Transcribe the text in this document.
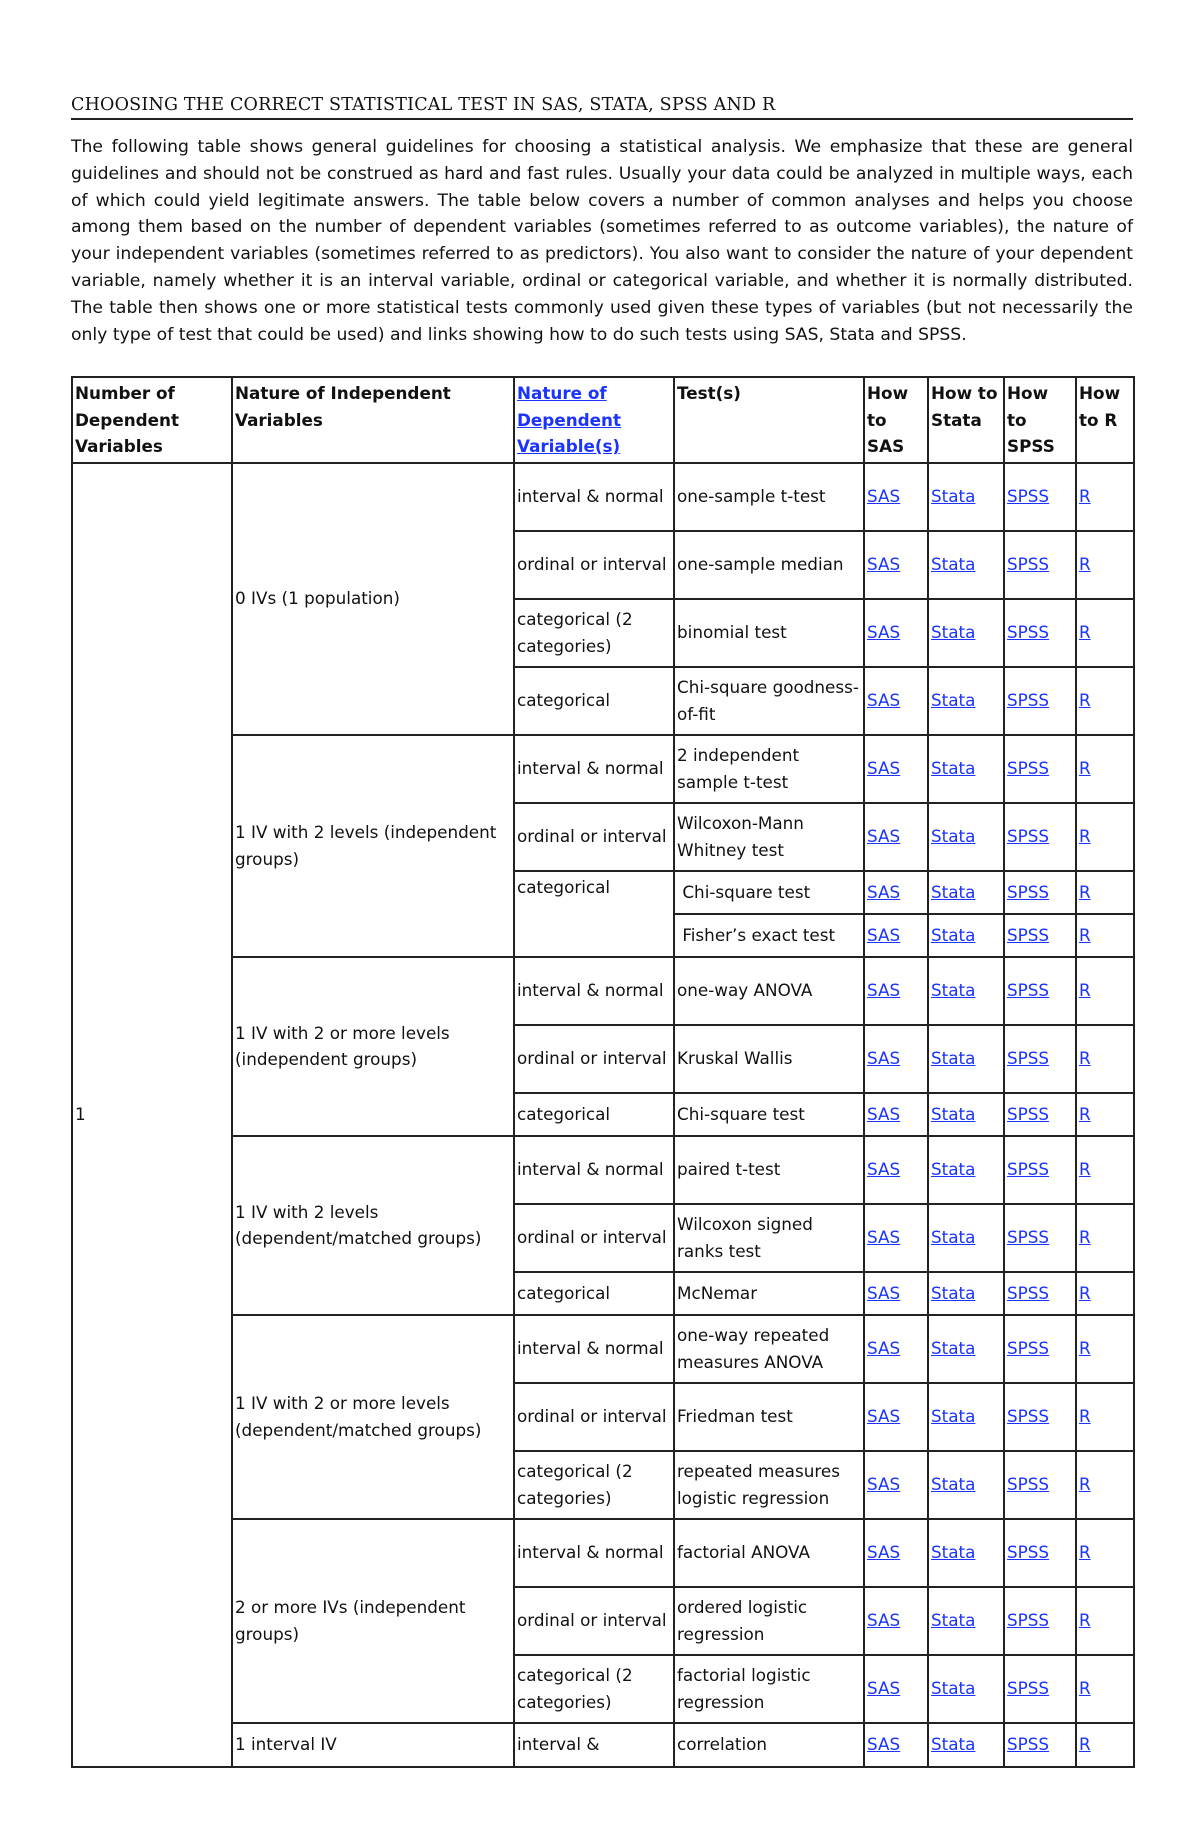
CHOOSING THE CORRECT STATISTICAL TEST IN SAS, STATA, SPSS AND R
The following table shows general guidelines for choosing a statistical analysis. We emphasize that these are general guidelines and should not be construed as hard and fast rules. Usually your data could be analyzed in multiple ways, each of which could yield legitimate answers. The table below covers a number of common analyses and helps you choose among them based on the number of dependent variables (sometimes referred to as outcome variables), the nature of your independent variables (sometimes referred to as predictors). You also want to consider the nature of your dependent variable, namely whether it is an interval variable, ordinal or categorical variable, and whether it is normally distributed. The table then shows one or more statistical tests commonly used given these types of variables (but not necessarily the only type of test that could be used) and links showing how to do such tests using SAS, Stata and SPSS.
Number of Dependent Variables	Nature of Independent Variables	Nature of Dependent Variable(s)	Test(s)	How to SAS	How to Stata	How to SPSS	How to R
1	0 IVs (1 population)	interval & normal	one-sample t-test	SAS	Stata	SPSS	R
		ordinal or interval	one-sample median	SAS	Stata	SPSS	R
		categorical (2 categories)	binomial test	SAS	Stata	SPSS	R
		categorical	Chi-square goodness-of-fit	SAS	Stata	SPSS	R
	1 IV with 2 levels (independent groups)	interval & normal	2 independent sample t-test	SAS	Stata	SPSS	R
		ordinal or interval	Wilcoxon-Mann Whitney test	SAS	Stata	SPSS	R
		categorical	Chi-square test	SAS	Stata	SPSS	R
			Fisher’s exact test	SAS	Stata	SPSS	R
	1 IV with 2 or more levels (independent groups)	interval & normal	one-way ANOVA	SAS	Stata	SPSS	R
		ordinal or interval	Kruskal Wallis	SAS	Stata	SPSS	R
		categorical	Chi-square test	SAS	Stata	SPSS	R
	1 IV with 2 levels (dependent/matched groups)	interval & normal	paired t-test	SAS	Stata	SPSS	R
		ordinal or interval	Wilcoxon signed ranks test	SAS	Stata	SPSS	R
		categorical	McNemar	SAS	Stata	SPSS	R
	1 IV with 2 or more levels (dependent/matched groups)	interval & normal	one-way repeated measures ANOVA	SAS	Stata	SPSS	R
		ordinal or interval	Friedman test	SAS	Stata	SPSS	R
		categorical (2 categories)	repeated measures logistic regression	SAS	Stata	SPSS	R
	2 or more IVs (independent groups)	interval & normal	factorial ANOVA	SAS	Stata	SPSS	R
		ordinal or interval	ordered logistic regression	SAS	Stata	SPSS	R
		categorical (2 categories)	factorial logistic regression	SAS	Stata	SPSS	R
	1 interval IV	interval &	correlation	SAS	Stata	SPSS	R
